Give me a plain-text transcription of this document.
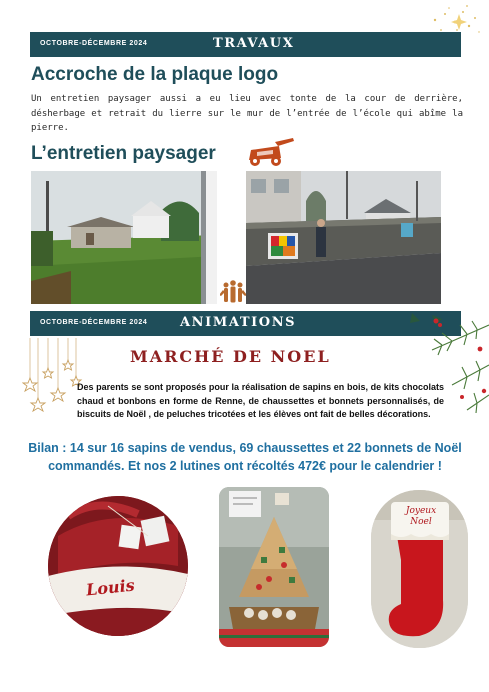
OCTOBRE-DÉCEMBRE 2024	TRAVAUX
Accroche de la plaque logo
Un entretien paysager aussi a eu lieu avec tonte de la cour de derrière, désherbage et retrait du lierre sur le mur de l’entrée de l’école qui abîme la pierre.
L’entretien paysager
OCTOBRE-DÉCEMBRE 2024	ANIMATIONS
MARCHÉ DE NOEL
Des parents se sont proposés pour la réalisation de sapins en bois, de kits chocolats chaud et bonbons en forme de Renne, de chaussettes et bonnets personnalisés, de biscuits de Noël , de peluches tricotées et les élèves ont fait de belles décorations.
Bilan : 14 sur 16 sapins de vendus, 69 chaussettes et 22 bonnets de Noël commandés. Et nos 2 lutines ont récoltés 472€ pour le calendrier !
Louis
Joyeux Noel
